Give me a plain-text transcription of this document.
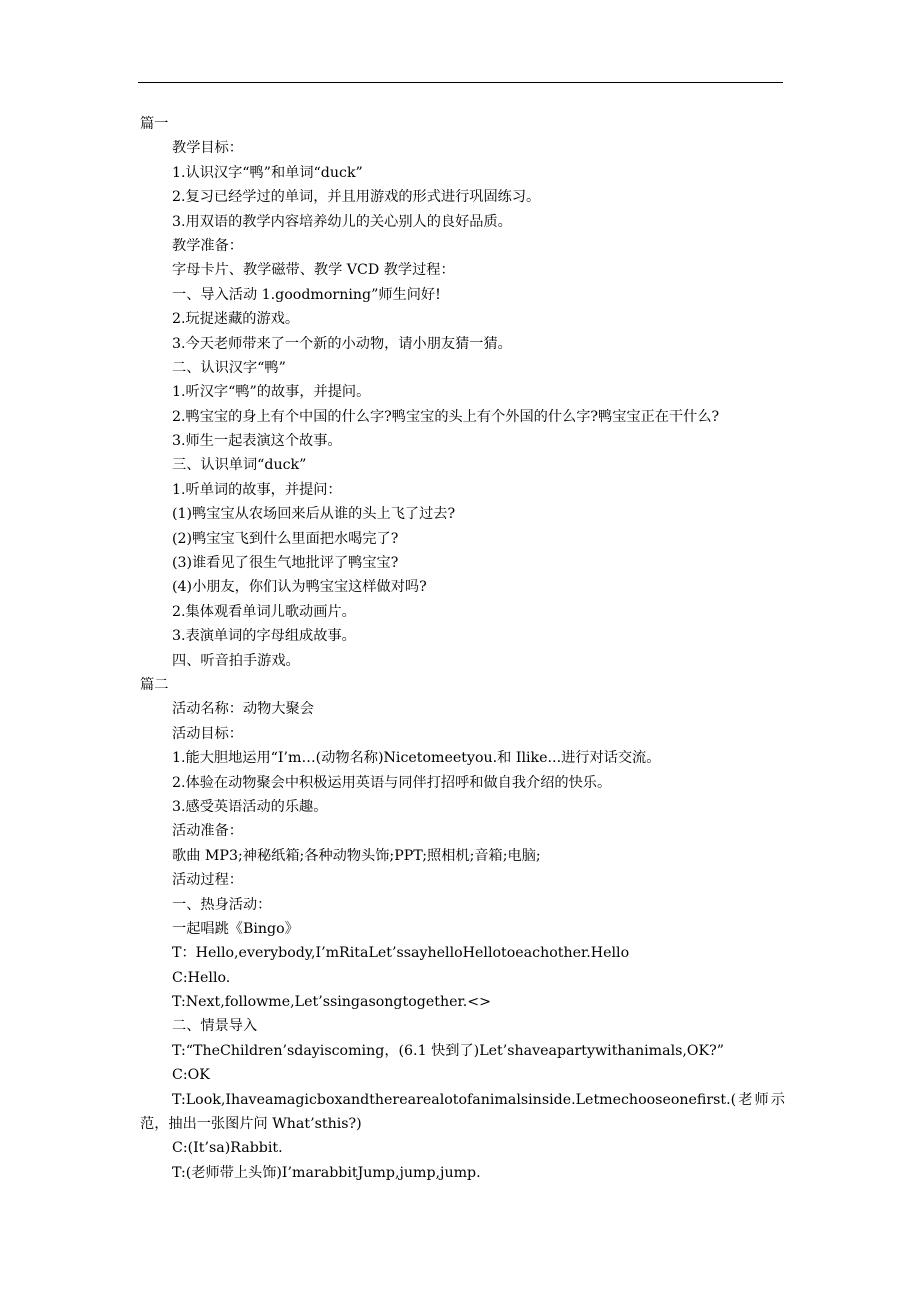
篇一
教学目标：
1.认识汉字“鸭”和单词“duck”
2.复习已经学过的单词，并且用游戏的形式进行巩固练习。
3.用双语的教学内容培养幼儿的关心别人的良好品质。
教学准备：
字母卡片、教学磁带、教学 VCD 教学过程：
一、导入活动 1.goodmorning”师生问好!
2.玩捉迷藏的游戏。
3.今天老师带来了一个新的小动物，请小朋友猜一猜。
二、认识汉字“鸭”
1.听汉字“鸭”的故事，并提问。
2.鸭宝宝的身上有个中国的什么字?鸭宝宝的头上有个外国的什么字?鸭宝宝正在干什么?
3.师生一起表演这个故事。
三、认识单词“duck”
1.听单词的故事，并提问：
(1)鸭宝宝从农场回来后从谁的头上飞了过去?
(2)鸭宝宝飞到什么里面把水喝完了?
(3)谁看见了很生气地批评了鸭宝宝?
(4)小朋友，你们认为鸭宝宝这样做对吗?
2.集体观看单词儿歌动画片。
3.表演单词的字母组成故事。
四、听音拍手游戏。
篇二
活动名称：动物大聚会
活动目标：
1.能大胆地运用“I’m…(动物名称)Nicetomeetyou.和 Ilike...进行对话交流。
2.体验在动物聚会中积极运用英语与同伴打招呼和做自我介绍的快乐。
3.感受英语活动的乐趣。
活动准备：
歌曲 MP3;神秘纸箱;各种动物头饰;PPT;照相机;音箱;电脑;
活动过程：
一、热身活动：
一起唱跳《Bingo》
T：Hello,everybody,I’mRitaLet’ssayhelloHellotoeachother.Hello
C:Hello.
T:Next,followme,Let’ssingasongtogether.<>
二、情景导入
T:“TheChildren’sdayiscoming，(6.1 快到了)Let’shaveapartywithanimals,OK?”
C:OK
T:Look,Ihaveamagicboxandtherearealotofanimalsinside.Letmechooseonefirst.(老师示范，抽出一张图片问 What’sthis?)
C:(It’sa)Rabbit.
T:(老师带上头饰)I’marabbitJump,jump,jump.
